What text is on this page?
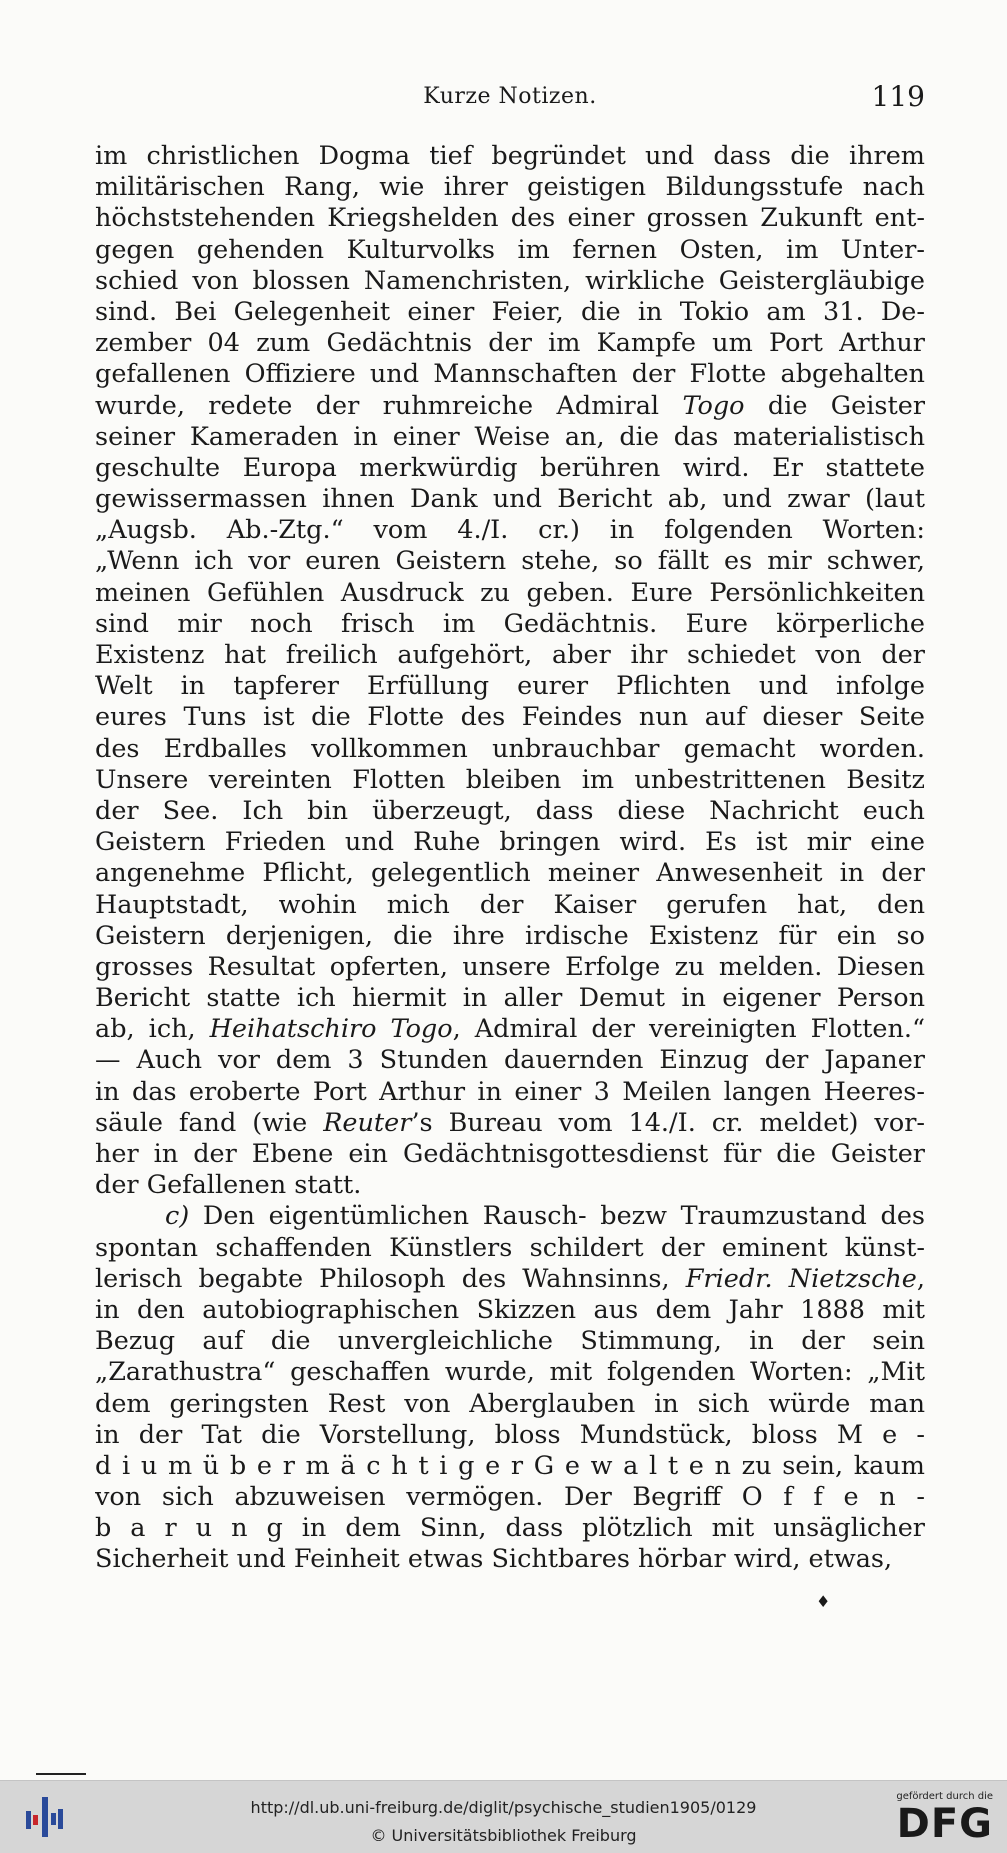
Kurze Notizen.	119
im christlichen Dogma tief begründet und dass die ihrem
militärischen Rang, wie ihrer geistigen Bildungsstufe nach
höchststehenden Kriegshelden des einer grossen Zukunft ent-
gegen gehenden Kulturvolks im fernen Osten, im Unter-
schied von blossen Namenchristen, wirkliche Geistergläubige
sind. Bei Gelegenheit einer Feier, die in Tokio am 31. De-
zember 04 zum Gedächtnis der im Kampfe um Port Arthur
gefallenen Offiziere und Mannschaften der Flotte abgehalten
wurde, redete der ruhmreiche Admiral Togo die Geister
seiner Kameraden in einer Weise an, die das materialistisch
geschulte Europa merkwürdig berühren wird. Er stattete
gewissermassen ihnen Dank und Bericht ab, und zwar (laut
„Augsb. Ab.-Ztg.“ vom 4./I. cr.) in folgenden Worten:
„Wenn ich vor euren Geistern stehe, so fällt es mir schwer,
meinen Gefühlen Ausdruck zu geben. Eure Persönlichkeiten
sind mir noch frisch im Gedächtnis. Eure körperliche
Existenz hat freilich aufgehört, aber ihr schiedet von der
Welt in tapferer Erfüllung eurer Pflichten und infolge
eures Tuns ist die Flotte des Feindes nun auf dieser Seite
des Erdballes vollkommen unbrauchbar gemacht worden.
Unsere vereinten Flotten bleiben im unbestrittenen Besitz
der See. Ich bin überzeugt, dass diese Nachricht euch
Geistern Frieden und Ruhe bringen wird. Es ist mir eine
angenehme Pflicht, gelegentlich meiner Anwesenheit in der
Hauptstadt, wohin mich der Kaiser gerufen hat, den
Geistern derjenigen, die ihre irdische Existenz für ein so
grosses Resultat opferten, unsere Erfolge zu melden. Diesen
Bericht statte ich hiermit in aller Demut in eigener Person
ab, ich, Heihatschiro Togo, Admiral der vereinigten Flotten.“
— Auch vor dem 3 Stunden dauernden Einzug der Japaner
in das eroberte Port Arthur in einer 3 Meilen langen Heeres-
säule fand (wie Reuter’s Bureau vom 14./I. cr. meldet) vor-
her in der Ebene ein Gedächtnisgottesdienst für die Geister
der Gefallenen statt.
c) Den eigentümlichen Rausch- bezw Traumzustand des
spontan schaffenden Künstlers schildert der eminent künst-
lerisch begabte Philosoph des Wahnsinns, Friedr. Nietzsche,
in den autobiographischen Skizzen aus dem Jahr 1888 mit
Bezug auf die unvergleichliche Stimmung, in der sein
„Zarathustra“ geschaffen wurde, mit folgenden Worten: „Mit
dem geringsten Rest von Aberglauben in sich würde man
in der Tat die Vorstellung, bloss Mundstück, bloss M e -
d i u m ü b e r m ä c h t i g e r G e w a l t e n zu sein, kaum
von sich abzuweisen vermögen. Der Begriff O f f e n -
b a r u n g in dem Sinn, dass plötzlich mit unsäglicher
Sicherheit und Feinheit etwas Sichtbares hörbar wird, etwas,
♦
http://dl.ub.uni-freiburg.de/diglit/psychische_studien1905/0129
© Universitätsbibliothek Freiburg
gefördert durch die
DFG
